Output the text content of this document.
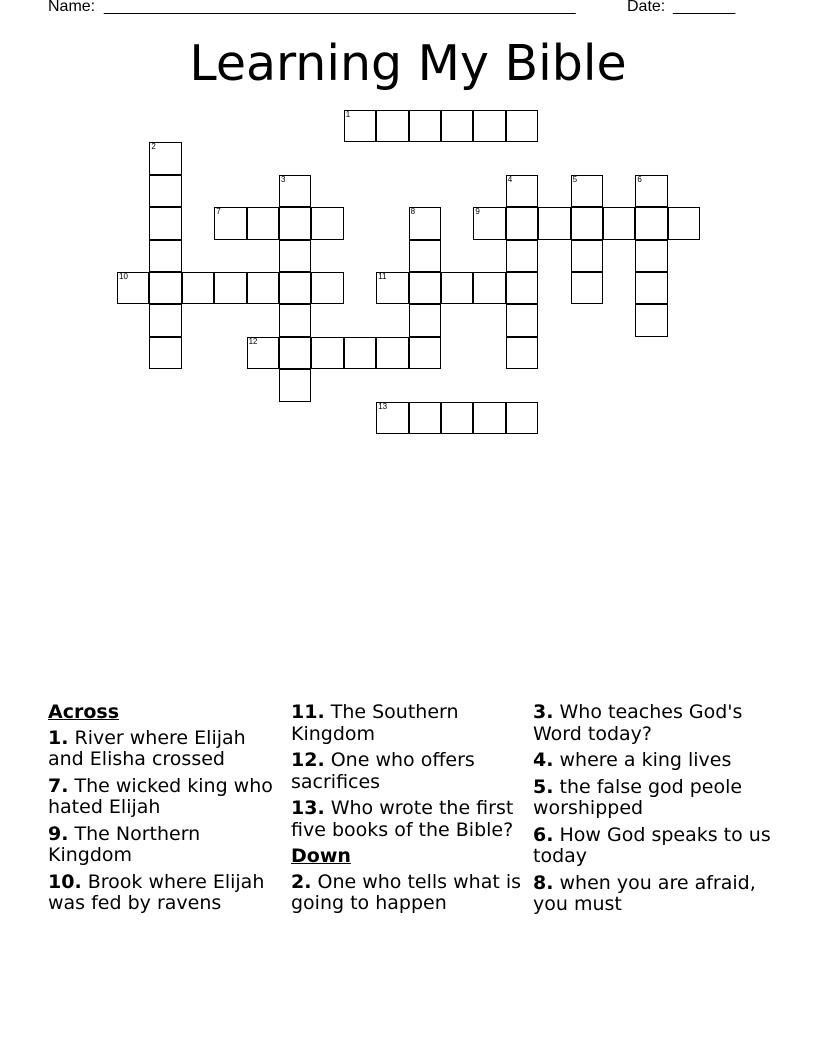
Name: _____________________________________________________	Date: _______
Learning My Bible
1
2
3	4	5	6
7	8	9
10	11
12
13
Across
1. River where Elijah and Elisha crossed
7. The wicked king who hated Elijah
9. The Northern Kingdom
10. Brook where Elijah was fed by ravens
11. The Southern Kingdom
12. One who offers sacrifices
13. Who wrote the first five books of the Bible?
Down
2. One who tells what is going to happen
3. Who teaches God's Word today?
4. where a king lives
5. the false god peole worshipped
6. How God speaks to us today
8. when you are afraid, you must
